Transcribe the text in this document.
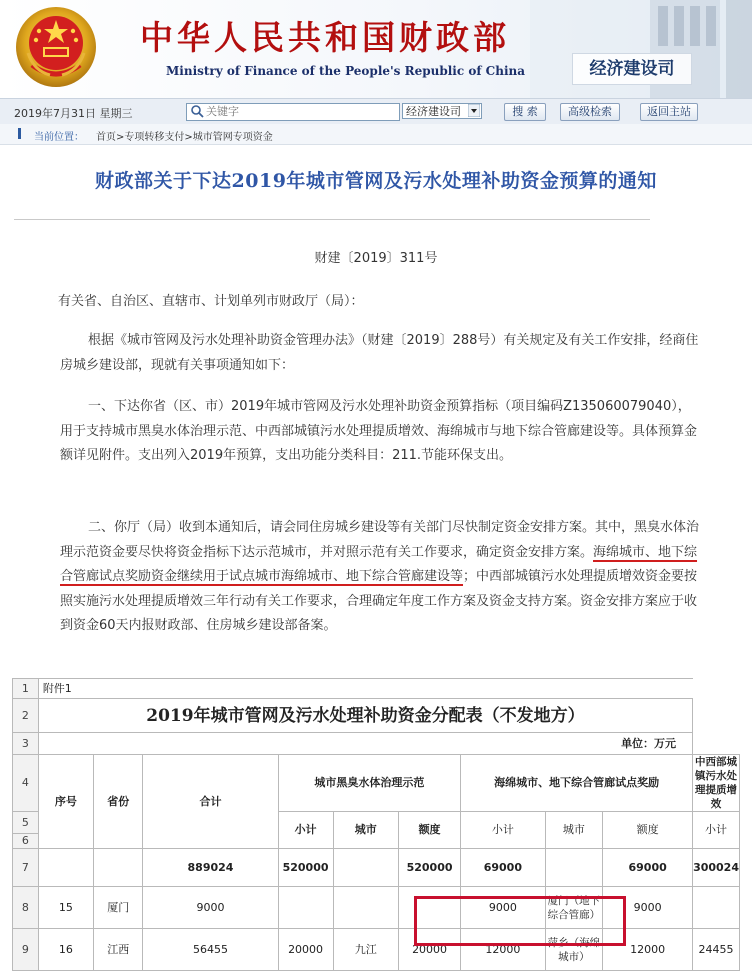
中华人民共和国财政部
Ministry of Finance of the People's Republic of China	经济建设司
2019年7月31日 星期三
关键字	经济建设司	搜 索	高级检索	返回主站
当前位置： 首页>专项转移支付>城市管网专项资金
财政部关于下达2019年城市管网及污水处理补助资金预算的通知
财建〔2019〕311号

有关省、自治区、直辖市、计划单列市财政厅（局）：

根据《城市管网及污水处理补助资金管理办法》（财建〔2019〕288号）有关规定及有关工作安排，经商住房城乡建设部，现就有关事项通知如下：

一、下达你省（区、市）2019年城市管网及污水处理补助资金预算指标（项目编码Z135060079040），用于支持城市黑臭水体治理示范、中西部城镇污水处理提质增效、海绵城市与地下综合管廊建设等。具体预算金额详见附件。支出列入2019年预算，支出功能分类科目：211.节能环保支出。

二、你厅（局）收到本通知后，请会同住房城乡建设等有关部门尽快制定资金安排方案。其中，黑臭水体治理示范资金要尽快将资金指标下达示范城市，并对照示范有关工作要求，确定资金安排方案。海绵城市、地下综合管廊试点奖励资金继续用于试点城市海绵城市、地下综合管廊建设等；中西部城镇污水处理提质增效资金要按照实施污水处理提质增效三年行动有关工作要求，合理确定年度工作方案及资金支持方案。资金安排方案应于收到资金60天内报财政部、住房城乡建设部备案。

1	附件1									
2	2019年城市管网及污水处理补助资金分配表（不发地方）									
3	单位：万元									
4	序号	省份	合计	城市黑臭水体治理示范			海绵城市、地下综合管廊试点奖励			中西部城镇污水处理提质增效
5				小计	城市	额度	小计	城市	额度	小计
6										
7			889024	520000		520000	69000		69000	300024
8	15	厦门	9000				9000	厦门（地下综合管廊）	9000	
9	16	江西	56455	20000	九江	20000	12000	萍乡（海绵城市）	12000	24455
